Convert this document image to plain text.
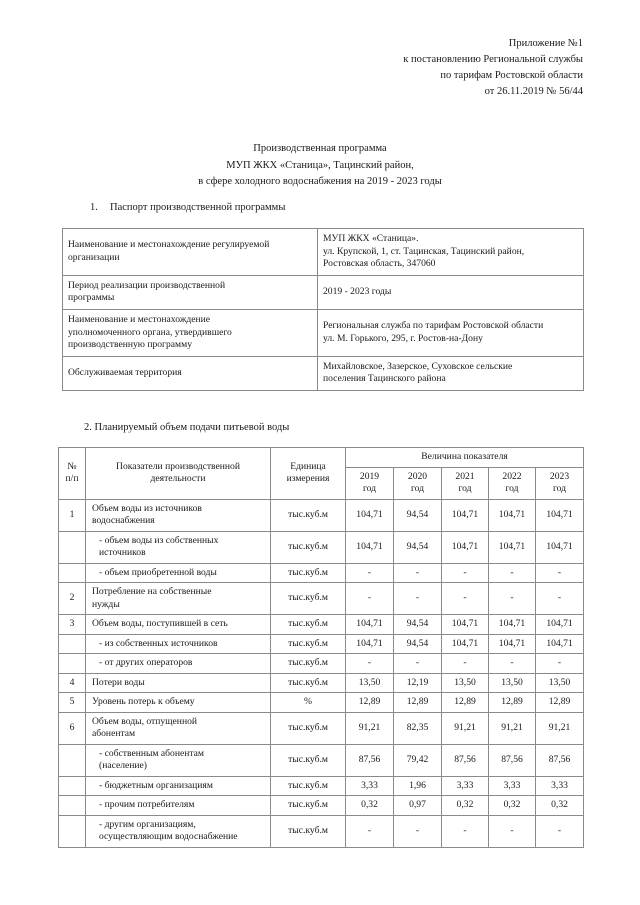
Приложение №1
к постановлению Региональной службы
по тарифам Ростовской области
от 26.11.2019 № 56/44
Производственная программа
МУП ЖКХ «Станица», Тацинский район,
в сфере холодного водоснабжения на 2019 - 2023 годы
1. Паспорт производственной программы
Наименование и местонахождение регулируемой
организации	МУП ЖКХ «Станица».
ул. Крупской, 1, ст. Тацинская, Тацинский район,
Ростовская область, 347060

Период реализации производственной
программы	2019 - 2023 годы

Наименование и местонахождение
уполномоченного органа, утвердившего
производственную программу	Региональная служба по тарифам Ростовской области
ул. М. Горького, 295, г. Ростов-на-Дону

Обслуживаемая территория	Михайловское, Зазерское, Суховское сельские
поселения Тацинского района
2. Планируемый объем подачи питьевой воды
№
п/п	Показатели производственной
деятельности	Единица
измерения	Величина показателя				

			2019
год	2020
год	2021
год	2022
год	2023
год

1	Объем воды из источников
водоснабжения	тыс.куб.м	104,71	94,54	104,71	104,71	104,71

	- объем воды из собственных
источников	тыс.куб.м	104,71	94,54	104,71	104,71	104,71

	- объем приобретенной воды	тыс.куб.м	-	-	-	-	-
2	Потребление на собственные
нужды	тыс.куб.м	-	-	-	-	-
3	Объем воды, поступившей в сеть	тыс.куб.м	104,71	94,54	104,71	104,71	104,71

	- из собственных источников	тыс.куб.м	104,71	94,54	104,71	104,71	104,71

	- от других операторов	тыс.куб.м	-	-	-	-	-
4	Потери воды	тыс.куб.м	13,50	12,19	13,50	13,50	13,50
5	Уровень потерь к объему	%	12,89	12,89	12,89	12,89	12,89
6	Объем воды, отпущенной
абонентам	тыс.куб.м	91,21	82,35	91,21	91,21	91,21

	- собственным абонентам
(население)	тыс.куб.м	87,56	79,42	87,56	87,56	87,56

	- бюджетным организациям	тыс.куб.м	3,33	1,96	3,33	3,33	3,33

	- прочим потребителям	тыс.куб.м	0,32	0,97	0,32	0,32	0,32

	- другим организациям,
осуществляющим водоснабжение	тыс.куб.м	-	-	-	-	-
